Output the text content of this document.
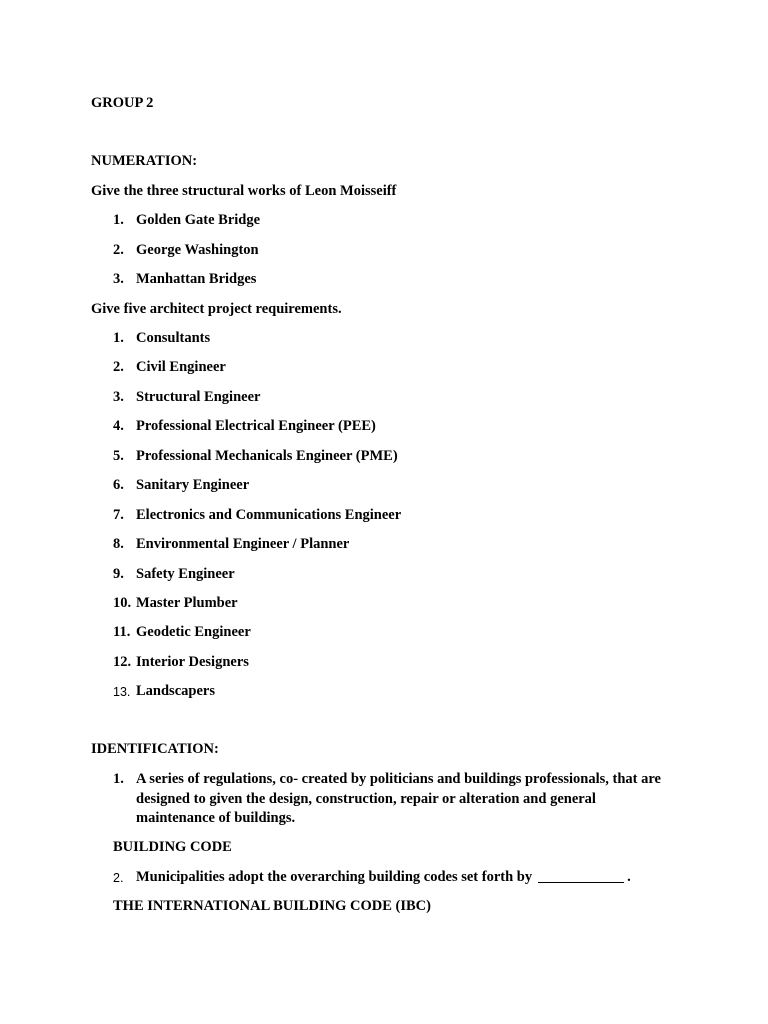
GROUP 2
NUMERATION:
Give the three structural works of Leon Moisseiff
1. Golden Gate Bridge
2. George Washington
3. Manhattan Bridges
Give five architect project requirements.
1. Consultants
2. Civil Engineer
3. Structural Engineer
4. Professional Electrical Engineer (PEE)
5. Professional Mechanicals Engineer (PME)
6. Sanitary Engineer
7. Electronics and Communications Engineer
8. Environmental Engineer / Planner
9. Safety Engineer
10. Master Plumber
11. Geodetic Engineer
12. Interior Designers
13. Landscapers
IDENTIFICATION:
1. A series of regulations, co- created by politicians and buildings professionals, that are designed to given the design, construction, repair or alteration and general maintenance of buildings.
BUILDING CODE
2. Municipalities adopt the overarching building codes set forth by	.
THE INTERNATIONAL BUILDING CODE (IBC)
